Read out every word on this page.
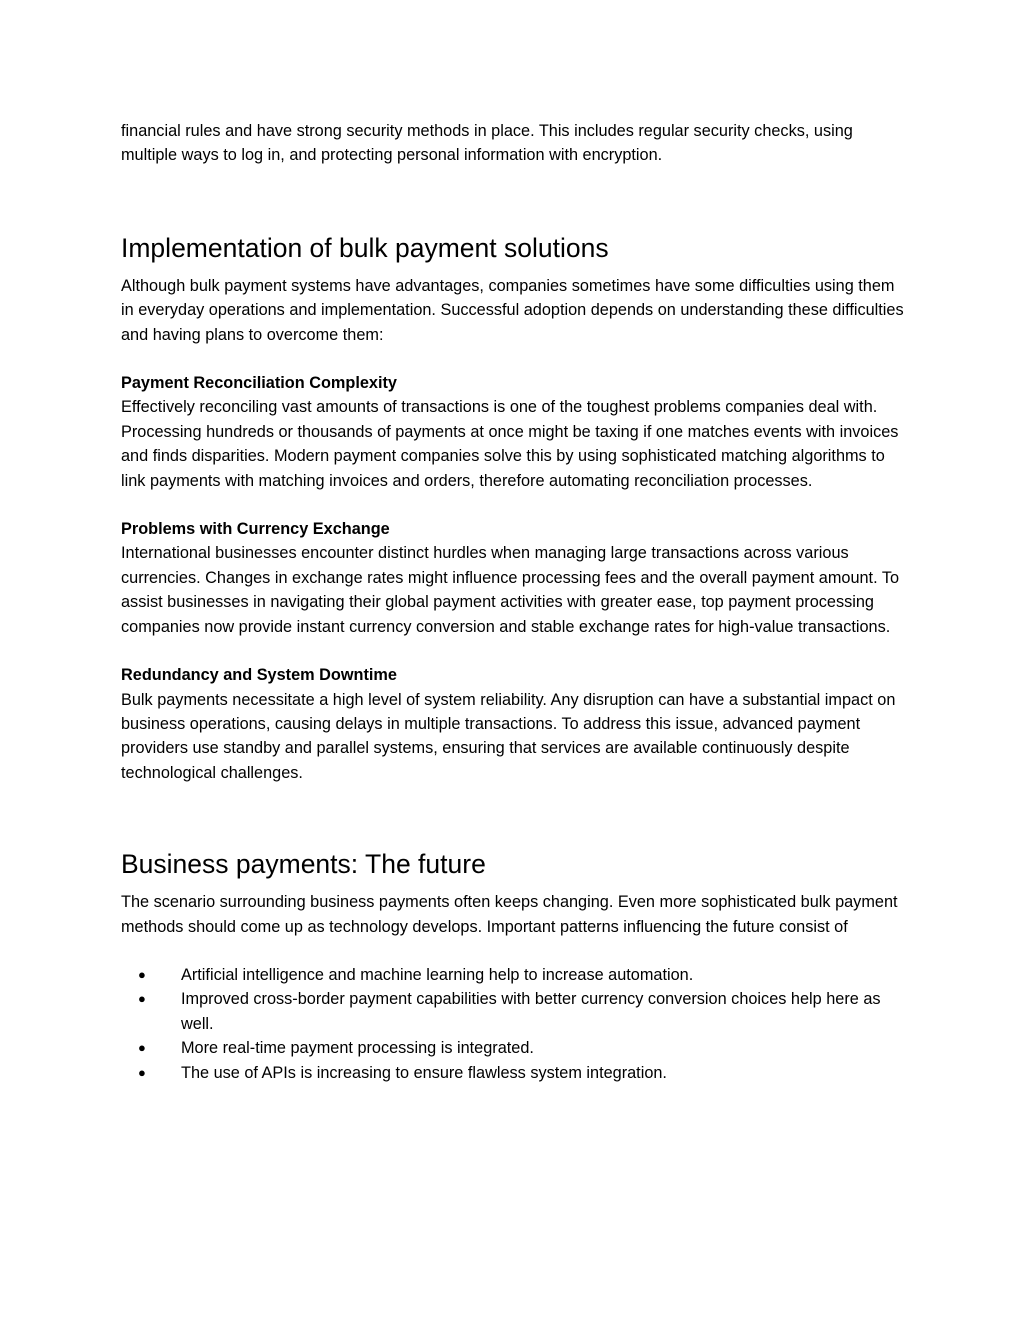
financial rules and have strong security methods in place. This includes regular security checks, using multiple ways to log in, and protecting personal information with encryption.

Implementation of bulk payment solutions

Although bulk payment systems have advantages, companies sometimes have some difficulties using them in everyday operations and implementation. Successful adoption depends on understanding these difficulties and having plans to overcome them:

Payment Reconciliation Complexity

Effectively reconciling vast amounts of transactions is one of the toughest problems companies deal with. Processing hundreds or thousands of payments at once might be taxing if one matches events with invoices and finds disparities. Modern payment companies solve this by using sophisticated matching algorithms to link payments with matching invoices and orders, therefore automating reconciliation processes.

Problems with Currency Exchange

International businesses encounter distinct hurdles when managing large transactions across various currencies. Changes in exchange rates might influence processing fees and the overall payment amount. To assist businesses in navigating their global payment activities with greater ease, top payment processing companies now provide instant currency conversion and stable exchange rates for high-value transactions.

Redundancy and System Downtime

Bulk payments necessitate a high level of system reliability. Any disruption can have a substantial impact on business operations, causing delays in multiple transactions. To address this issue, advanced payment providers use standby and parallel systems, ensuring that services are available continuously despite technological challenges.

Business payments: The future

The scenario surrounding business payments often keeps changing. Even more sophisticated bulk payment methods should come up as technology develops. Important patterns influencing the future consist of

● Artificial intelligence and machine learning help to increase automation.
● Improved cross-border payment capabilities with better currency conversion choices help here as well.
● More real-time payment processing is integrated.
● The use of APIs is increasing to ensure flawless system integration.
